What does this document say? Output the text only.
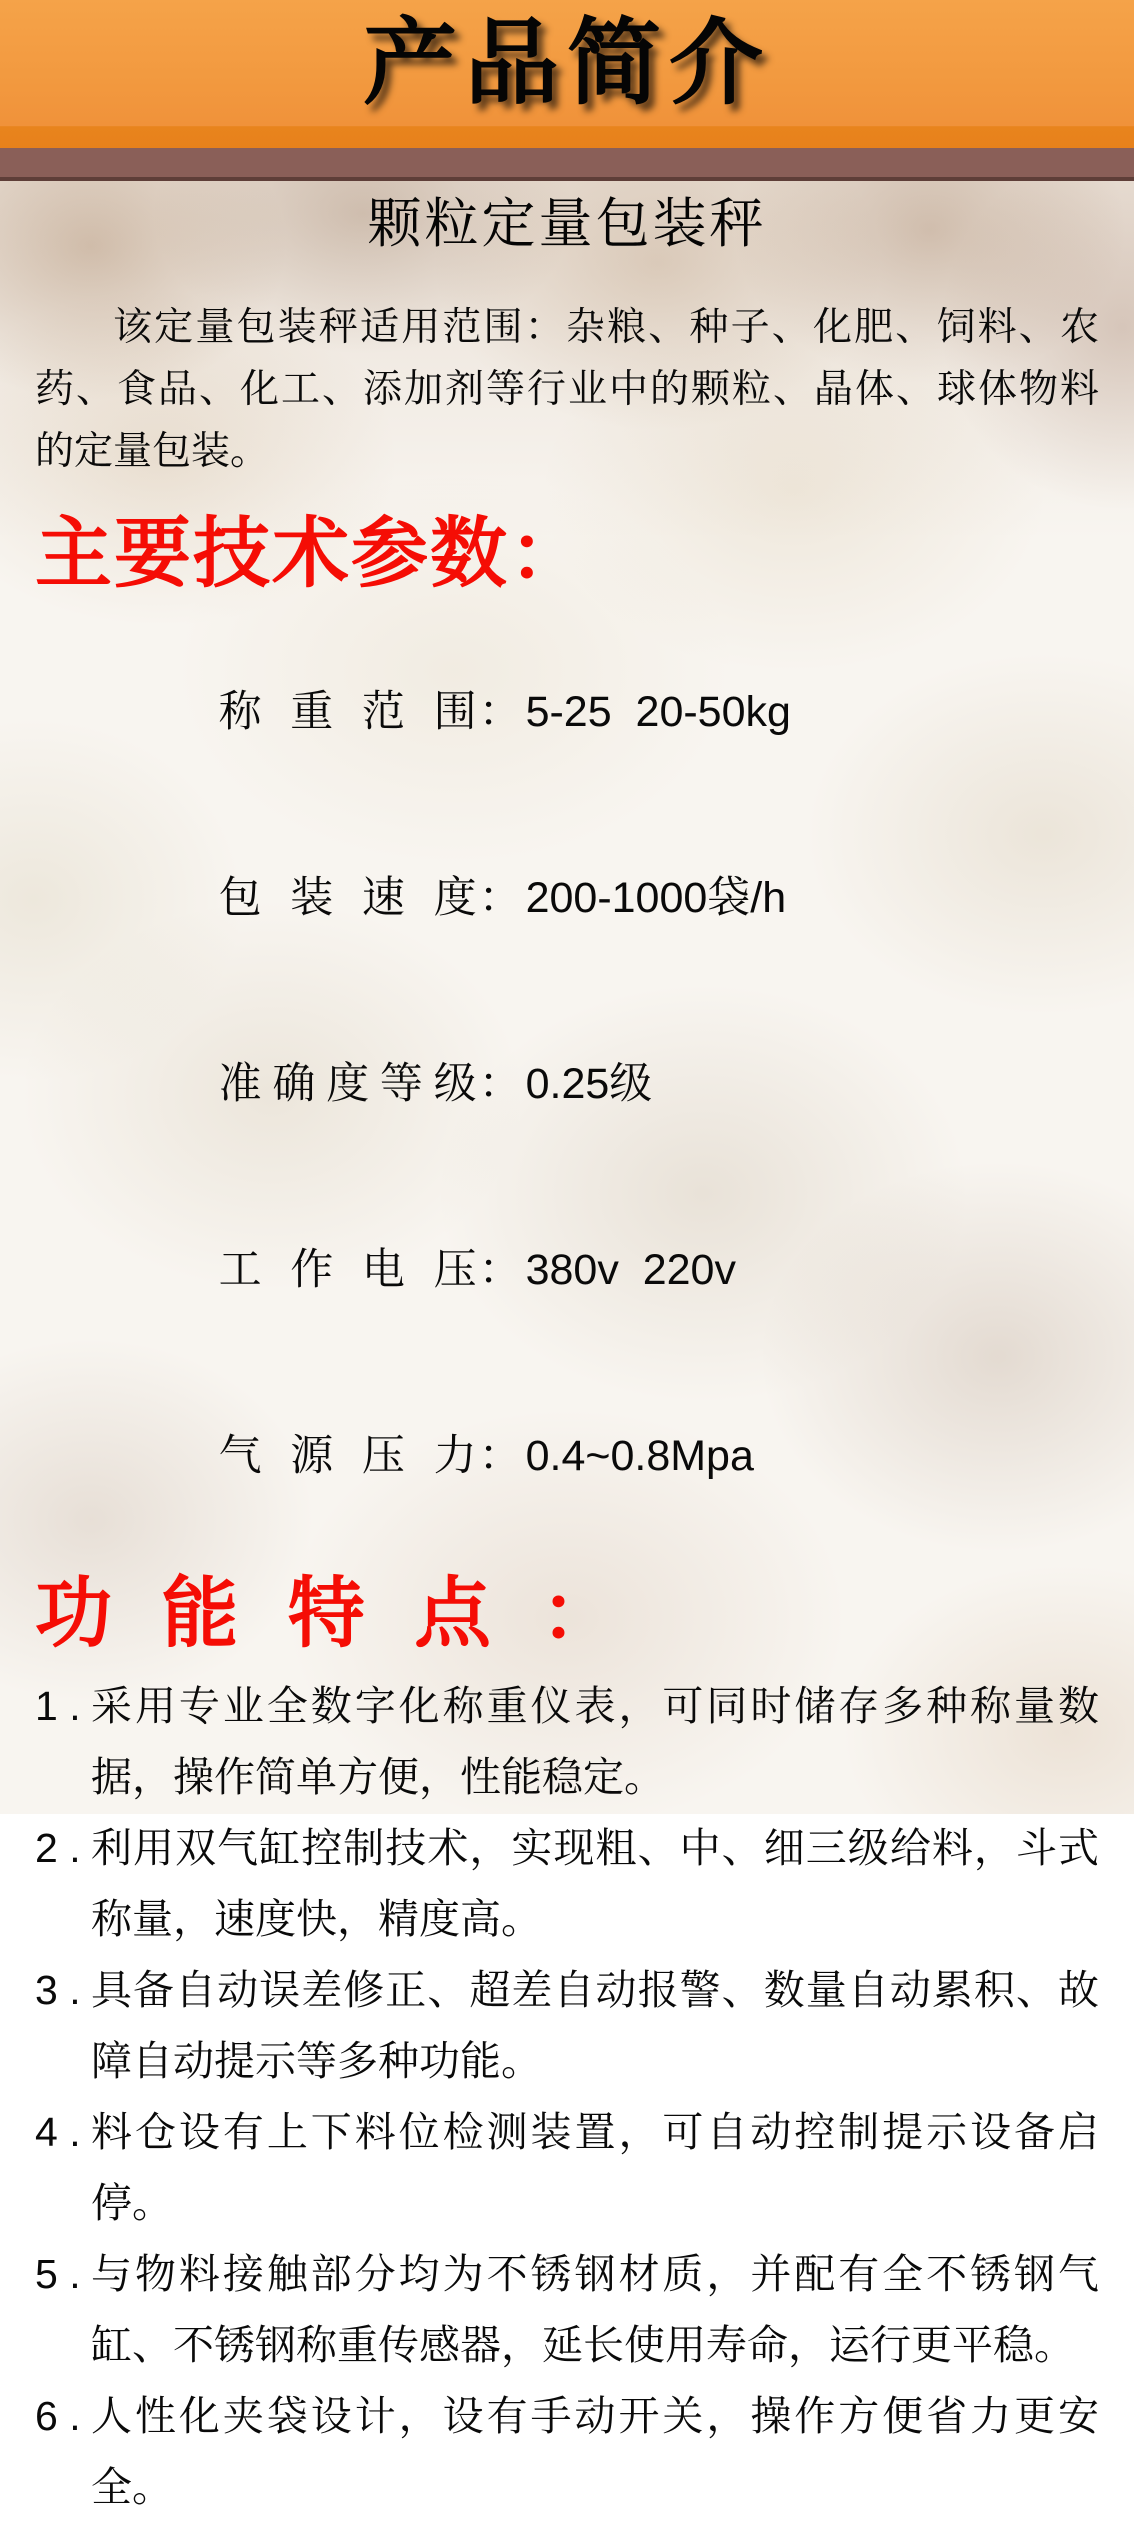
产品简介
颗粒定量包装秤
该定量包装秤适用范围：杂粮、种子、化肥、饲料、农
药、食品、化工、添加剂等行业中的颗粒、晶体、球体物料
的定量包装。
主要技术参数：

称重范围：5-25  20-50kg

包装速度：200-1000袋/h

准确度等级：0.25级

工作电压：380v  220v

气源压力：0.4~0.8Mpa

功 能 特 点 ：
1 . 采用专业全数字化称重仪表，可同时储存多种称量数据，操作简单方便，性能稳定。
2 . 利用双气缸控制技术，实现粗、中、细三级给料，斗式称量，速度快，精度高。
3 . 具备自动误差修正、超差自动报警、数量自动累积、故障自动提示等多种功能。
4 . 料仓设有上下料位检测装置，可自动控制提示设备启停。
5 . 与物料接触部分均为不锈钢材质，并配有全不锈钢气缸、不锈钢称重传感器，延长使用寿命，运行更平稳。
6 . 人性化夹袋设计，设有手动开关，操作方便省力更安全。
